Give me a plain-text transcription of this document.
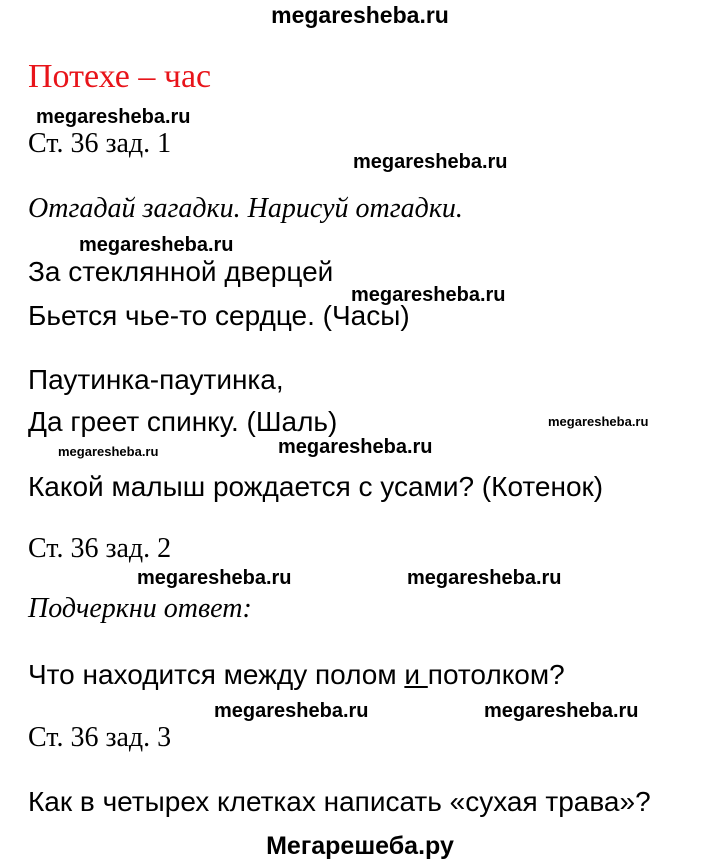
megaresheba.ru
megaresheba.ru
megaresheba.ru
megaresheba.ru
megaresheba.ru
megaresheba.ru
megaresheba.ru
megaresheba.ru
megaresheba.ru	megaresheba.ru
megaresheba.ru	megaresheba.ru
Мегарешеба.ру
Потехе – час
Ст. 36 зад. 1
Отгадай загадки. Нарисуй отгадки.
За стеклянной дверцей
Бьется чье-то сердце. (Часы)
Паутинка-паутинка,
Да греет спинку. (Шаль)
Какой малыш рождается с усами? (Котенок)
Ст. 36 зад. 2
Подчеркни ответ:
Что находится между полом и потолком?
Ст. 36 зад. 3
Как в четырех клетках написать «сухая трава»?
